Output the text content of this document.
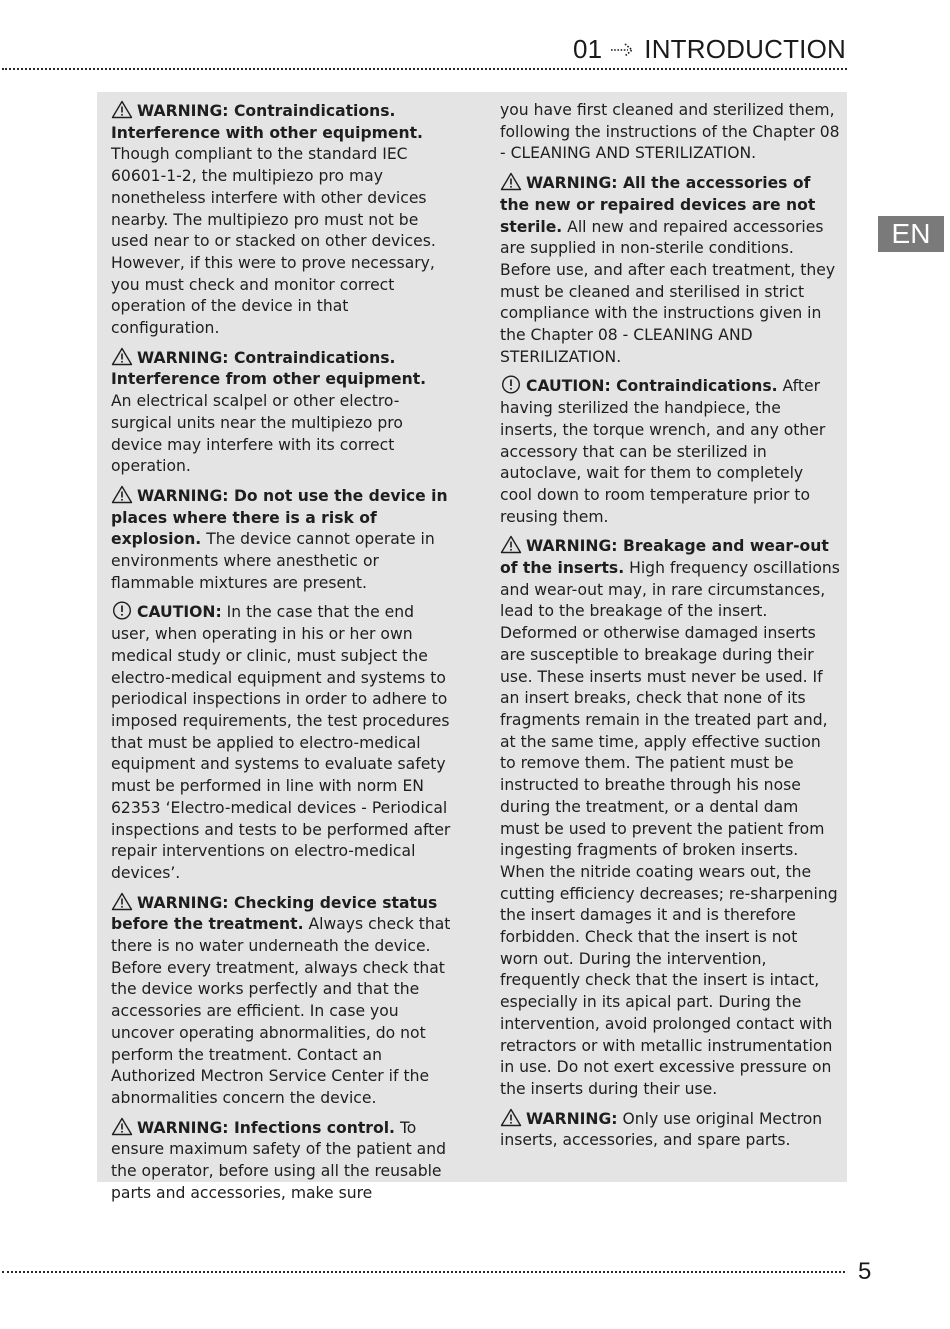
01 INTRODUCTION
EN

WARNING: Contraindications. Interference with other equipment. Though compliant to the standard IEC 60601-1-2, the multipiezo pro may nonetheless interfere with other devices nearby. The multipiezo pro must not be used near to or stacked on other devices. However, if this were to prove necessary, you must check and monitor correct operation of the device in that configuration.

WARNING: Contraindications. Interference from other equipment. An electrical scalpel or other electro-surgical units near the multipiezo pro device may interfere with its correct operation.

WARNING: Do not use the device in places where there is a risk of explosion. The device cannot operate in environments where anesthetic or flammable mixtures are present.

CAUTION: In the case that the end user, when operating in his or her own medical study or clinic, must subject the electro-medical equipment and systems to periodical inspections in order to adhere to imposed requirements, the test procedures that must be applied to electro-medical equipment and systems to evaluate safety must be performed in line with norm EN 62353 ‘Electro-medical devices - Periodical inspections and tests to be performed after repair interventions on electro-medical devices’.

WARNING: Checking device status before the treatment. Always check that there is no water underneath the device. Before every treatment, always check that the device works perfectly and that the accessories are efficient. In case you uncover operating abnormalities, do not perform the treatment. Contact an Authorized Mectron Service Center if the abnormalities concern the device.

WARNING: Infections control. To ensure maximum safety of the patient and the operator, before using all the reusable parts and accessories, make sure

you have first cleaned and sterilized them, following the instructions of the Chapter 08 - CLEANING AND STERILIZATION.

WARNING: All the accessories of the new or repaired devices are not sterile. All new and repaired accessories are supplied in non-sterile conditions. Before use, and after each treatment, they must be cleaned and sterilised in strict compliance with the instructions given in the Chapter 08 - CLEANING AND STERILIZATION.

CAUTION: Contraindications. After having sterilized the handpiece, the inserts, the torque wrench, and any other accessory that can be sterilized in autoclave, wait for them to completely cool down to room temperature prior to reusing them.

WARNING: Breakage and wear-out of the inserts. High frequency oscillations and wear-out may, in rare circumstances, lead to the breakage of the insert. Deformed or otherwise damaged inserts are susceptible to breakage during their use. These inserts must never be used. If an insert breaks, check that none of its fragments remain in the treated part and, at the same time, apply effective suction to remove them. The patient must be instructed to breathe through his nose during the treatment, or a dental dam must be used to prevent the patient from ingesting fragments of broken inserts. When the nitride coating wears out, the cutting efficiency decreases; re-sharpening the insert damages it and is therefore forbidden. Check that the insert is not worn out. During the intervention, frequently check that the insert is intact, especially in its apical part. During the intervention, avoid prolonged contact with retractors or with metallic instrumentation in use. Do not exert excessive pressure on the inserts during their use.

WARNING: Only use original Mectron inserts, accessories, and spare parts.

5
